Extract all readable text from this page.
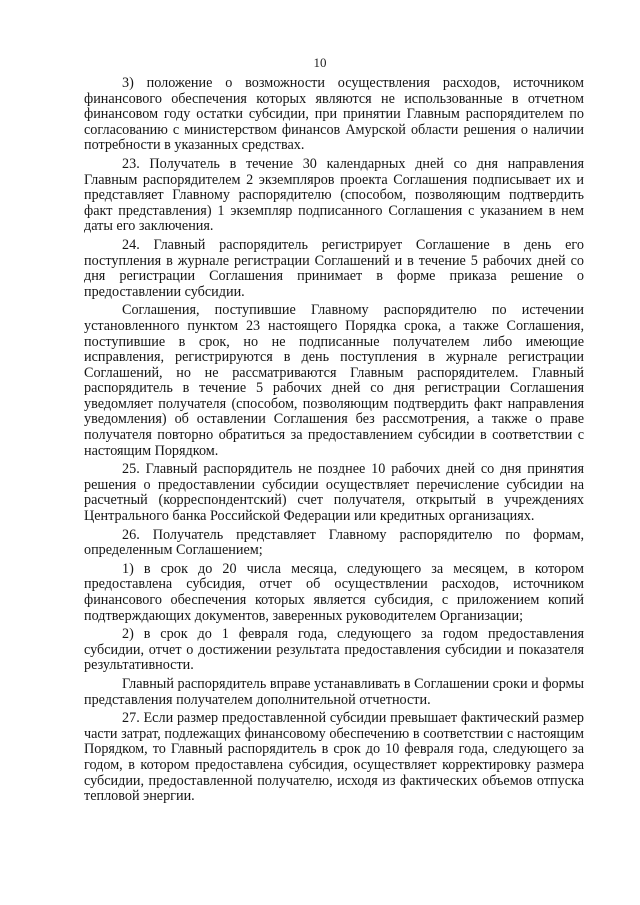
10

3) положение о возможности осуществления расходов, источником финансового обеспечения которых являются не использованные в отчетном финансовом году остатки субсидии, при принятии Главным распорядителем по согласованию с министерством финансов Амурской области решения о наличии потребности в указанных средствах.

23. Получатель в течение 30 календарных дней со дня направления Главным распорядителем 2 экземпляров проекта Соглашения подписывает их и представляет Главному распорядителю (способом, позволяющим подтвердить факт представления) 1 экземпляр подписанного Соглашения с указанием в нем даты его заключения.

24. Главный распорядитель регистрирует Соглашение в день его поступления в журнале регистрации Соглашений и в течение 5 рабочих дней со дня регистрации Соглашения принимает в форме приказа решение о предоставлении субсидии.

Соглашения, поступившие Главному распорядителю по истечении установленного пунктом 23 настоящего Порядка срока, а также Соглашения, поступившие в срок, но не подписанные получателем либо имеющие исправления, регистрируются в день поступления в журнале регистрации Соглашений, но не рассматриваются Главным распорядителем. Главный распорядитель в течение 5 рабочих дней со дня регистрации Соглашения уведомляет получателя (способом, позволяющим подтвердить факт направления уведомления) об оставлении Соглашения без рассмотрения, а также о праве получателя повторно обратиться за предоставлением субсидии в соответствии с настоящим Порядком.

25. Главный распорядитель не позднее 10 рабочих дней со дня принятия решения о предоставлении субсидии осуществляет перечисление субсидии на расчетный (корреспондентский) счет получателя, открытый в учреждениях Центрального банка Российской Федерации или кредитных организациях.

26. Получатель представляет Главному распорядителю по формам, определенным Соглашением;

1) в срок до 20 числа месяца, следующего за месяцем, в котором предоставлена субсидия, отчет об осуществлении расходов, источником финансового обеспечения которых является субсидия, с приложением копий подтверждающих документов, заверенных руководителем Организации;

2) в срок до 1 февраля года, следующего за годом предоставления субсидии, отчет о достижении результата предоставления субсидии и показателя результативности.

Главный распорядитель вправе устанавливать в Соглашении сроки и формы представления получателем дополнительной отчетности.

27. Если размер предоставленной субсидии превышает фактический размер части затрат, подлежащих финансовому обеспечению в соответствии с настоящим Порядком, то Главный распорядитель в срок до 10 февраля года, следующего за годом, в котором предоставлена субсидия, осуществляет корректировку размера субсидии, предоставленной получателю, исходя из фактических объемов отпуска тепловой энергии.
